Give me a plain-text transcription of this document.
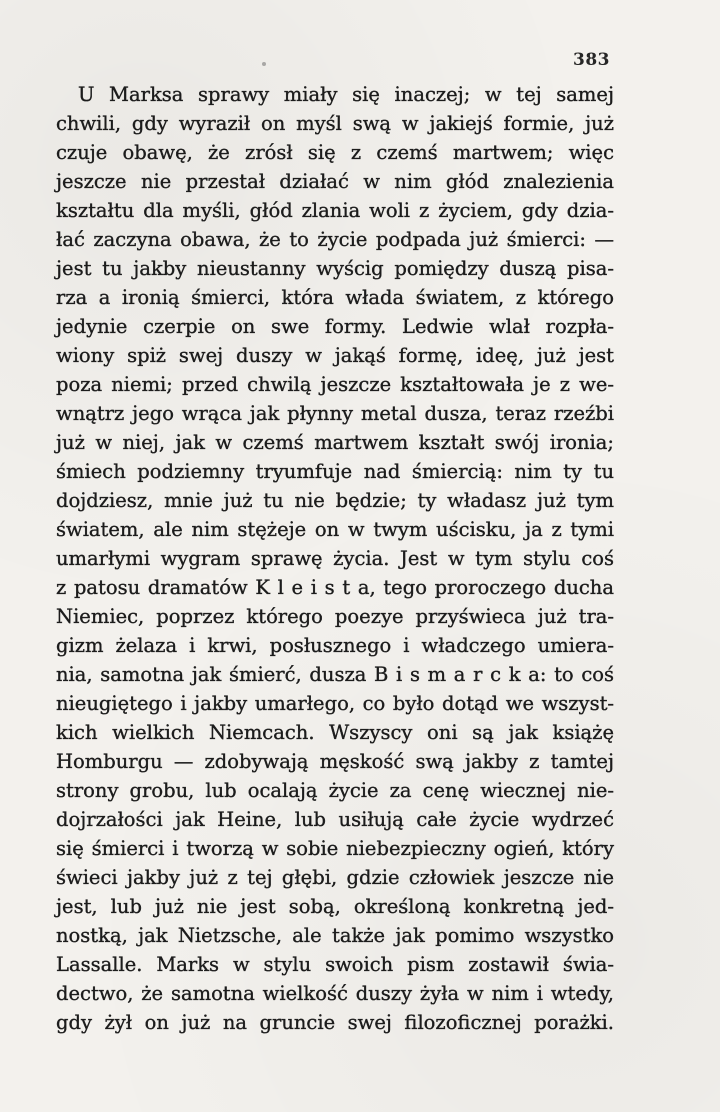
383
U Marksa sprawy miały się inaczej; w tej samej
chwili, gdy wyraził on myśl swą w jakiejś formie, już
czuje obawę, że zrósł się z czemś martwem; więc
jeszcze nie przestał działać w nim głód znalezienia
kształtu dla myśli, głód zlania woli z życiem, gdy dzia-
łać zaczyna obawa, że to życie podpada już śmierci: —
jest tu jakby nieustanny wyścig pomiędzy duszą pisa-
rza a ironią śmierci, która włada światem, z którego
jedynie czerpie on swe formy. Ledwie wlał rozpła-
wiony spiż swej duszy w jakąś formę, ideę, już jest
poza niemi; przed chwilą jeszcze kształtowała je z we-
wnątrz jego wrąca jak płynny metal dusza, teraz rzeźbi
już w niej, jak w czemś martwem kształt swój ironia;
śmiech podziemny tryumfuje nad śmiercią: nim ty tu
dojdziesz, mnie już tu nie będzie; ty władasz już tym
światem, ale nim stężeje on w twym uścisku, ja z tymi
umarłymi wygram sprawę życia. Jest w tym stylu coś
z patosu dramatów K l e i s t a, tego proroczego ducha
Niemiec, poprzez którego poezye przyświeca już tra-
gizm żelaza i krwi, posłusznego i władczego umiera-
nia, samotna jak śmierć, dusza B i s m a r c k a: to coś
nieugiętego i jakby umarłego, co było dotąd we wszyst-
kich wielkich Niemcach. Wszyscy oni są jak książę
Homburgu — zdobywają męskość swą jakby z tamtej
strony grobu, lub ocalają życie za cenę wiecznej nie-
dojrzałości jak Heine, lub usiłują całe życie wydrzeć
się śmierci i tworzą w sobie niebezpieczny ogień, który
świeci jakby już z tej głębi, gdzie człowiek jeszcze nie
jest, lub już nie jest sobą, określoną konkretną jed-
nostką, jak Nietzsche, ale także jak pomimo wszystko
Lassalle. Marks w stylu swoich pism zostawił świa-
dectwo, że samotna wielkość duszy żyła w nim i wtedy,
gdy żył on już na gruncie swej filozoficznej porażki.
